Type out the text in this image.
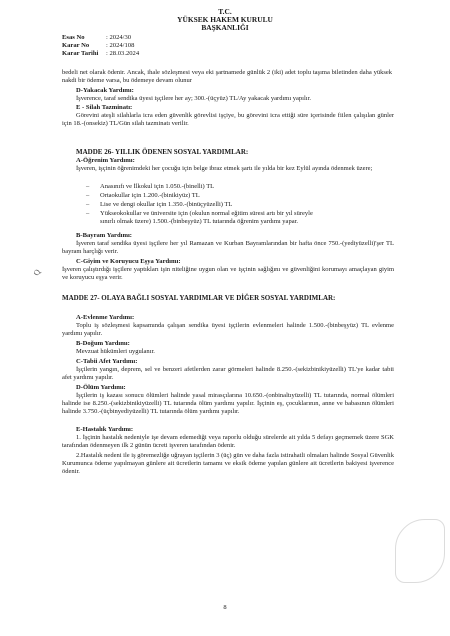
T.C.
YÜKSEK HAKEM KURULU
BAŞKANLIĞI
Esas No	: 2024/30
Karar No	: 2024/108
Karar Tarihi : 28.03.2024
bedeli net olarak ödenir. Ancak, ihale sözleşmesi veya eki şartnamede günlük 2 (iki) adet toplu taşıma biletinden daha yüksek nakdi bir ödeme varsa, bu ödemeye devam olunur
D-Yakacak Yardımı:
İşverence, taraf sendika üyesi işçilere her ay; 300.-(üçyüz) TL/Ay yakacak yardımı yapılır.
E - Silah Tazminatı:
Görevini ateşli silahlarla icra eden güvenlik görevlisi işçiye, bu görevini icra ettiği süre içerisinde fiilen çalışılan günler için 18.-(onsekiz) TL/Gün silah tazminatı verilir.
MADDE 26- YILLIK ÖDENEN SOSYAL YARDIMLAR:
A-Öğrenim Yardımı:
İşveren, işçinin öğrenimdeki her çocuğu için belge ibraz etmek şartı ile yılda bir kez Eylül ayında ödenmek üzere;
– Anasınıfı ve İlkokul için 1.050.-(binelli) TL
– Ortaokullar için 1.200.-(binikiyüz) TL
– Lise ve dengi okullar için 1.350.-(binüçyüzelli) TL
– Yükseokokullar ve üniversite için (okulun normal eğitim süresi artı bir yıl süreyle
sınırlı olmak üzere) 1.500.-(binbeşyüz) TL tutarında öğrenim yardımı yapar.
B-Bayram Yardımı:
İşveren taraf sendika üyesi işçilere her yıl Ramazan ve Kurban Bayramlarından bir hafta önce 750.-(yediyüzelli)'şer TL bayram harçlığı verir.
C-Giyim ve Koruyucu Eşya Yardımı:
İşveren çalıştırdığı işçilere yaptıkları işin niteliğine uygun olan ve işçinin sağlığını ve güvenliğini korumayı amaçlayan giyim ve koruyucu eşya verir.
MADDE 27- OLAYA BAĞLI SOSYAL YARDIMLAR VE DİĞER SOSYAL YARDIMLAR:
A-Evlenme Yardımı:
Toplu iş sözleşmesi kapsamında çalışan sendika üyesi işçilerin evlenmeleri halinde 1.500.-(binbeşyüz) TL evlenme yardımı yapılır.
B-Doğum Yardımı:
Mevzuat hükümleri uygulanır.
C-Tabii Afet Yardımı:
İşçilerin yangın, deprem, sel ve benzeri afetlerden zarar görmeleri halinde 8.250.-(sekizbinikiyüzelli) TL'ye kadar tabii afet yardımı yapılır.
D-Ölüm Yardımı:
İşçilerin iş kazası sonucu ölümleri halinde yasal mirasçılarına 10.650.-(onbinaltıyüzelli) TL tutarında, normal ölümleri halinde ise 8.250.-(sekizbinikiyüzelli) TL tutarında ölüm yardımı yapılır. İşçinin eş, çocuklarının, anne ve babasının ölümleri halinde 3.750.-(üçbinyediyüzelli) TL tutarında ölüm yardımı yapılır.
E-Hastalık Yardımı:
1. İşçinin hastalık nedeniyle işe devam edemediği veya raporlu olduğu sürelerde ait yılda 5 defayı geçmemek üzere SGK tarafından ödenmeyen ilk 2 günün ücreti işveren tarafından ödenir.
2.Hastalık nedeni ile iş göremezliğe uğrayan işçilerin 3 (üç) gün ve daha fazla istirahatli olmaları halinde Sosyal Güvenlik Kurumunca ödeme yapılmayan günlere ait ücretlerin tamamı ve eksik ödeme yapılan günlere ait ücretlerin bakiyesi işverence ödenir.
Q
8
